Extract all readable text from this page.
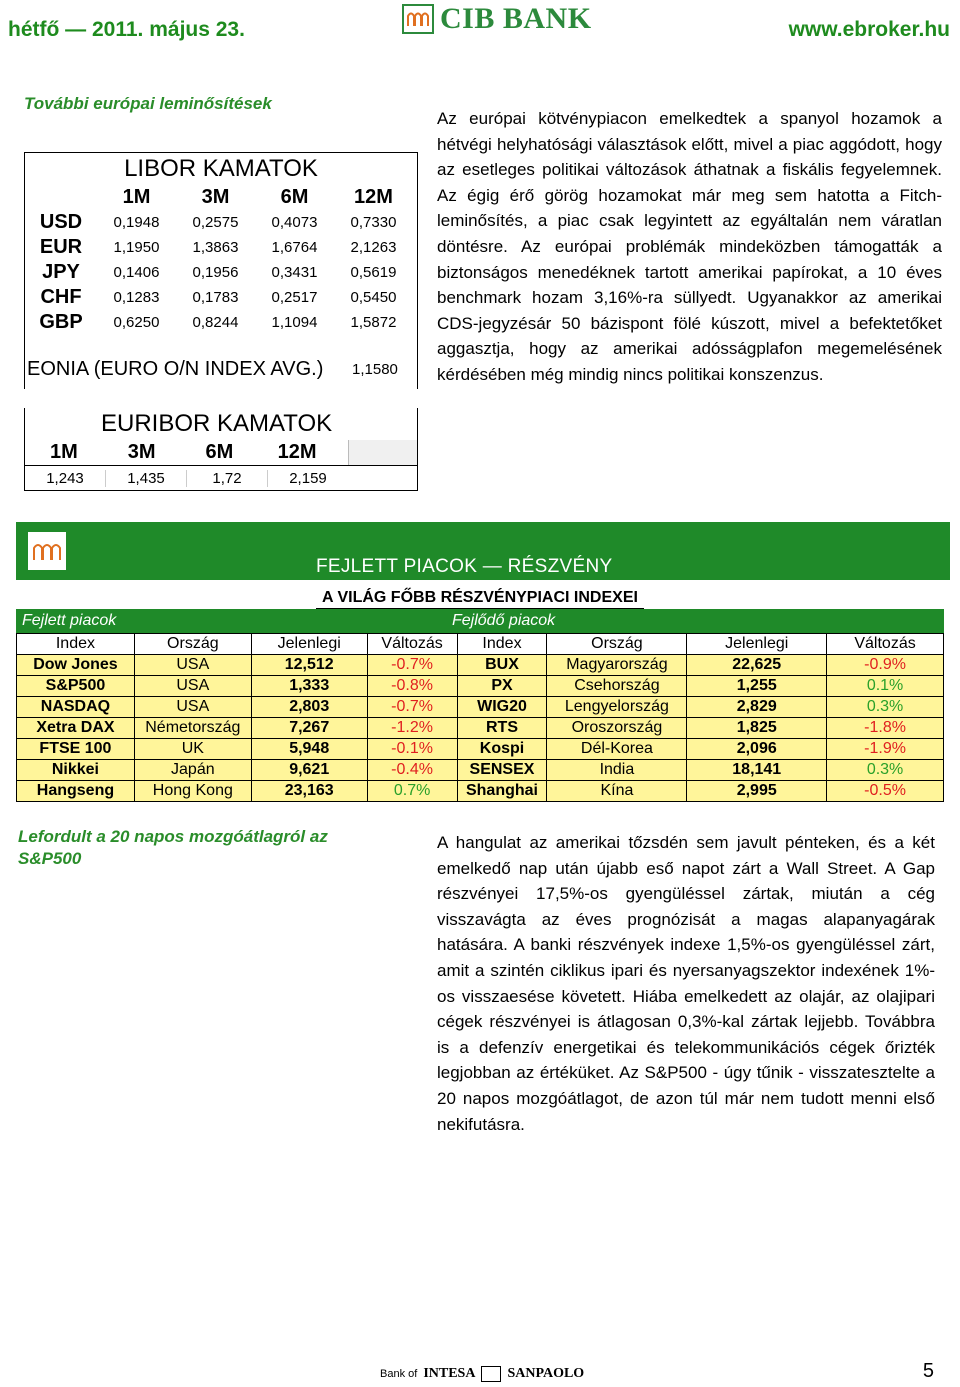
hétfő — 2011. május 23.	CIB BANK	www.ebroker.hu
További európai leminősítések
LIBOR KAMATOK
1M	3M	6M	12M
USD	0,1948	0,2575	0,4073	0,7330
EUR	1,1950	1,3863	1,6764	2,1263
JPY	0,1406	0,1956	0,3431	0,5619
CHF	0,1283	0,1783	0,2517	0,5450
GBP	0,6250	0,8244	1,1094	1,5872
EONIA (EURO O/N INDEX AVG.)	1,1580
EURIBOR KAMATOK
1M	3M	6M	12M
1,243	1,435	1,72	2,159
Az európai kötvénypiacon emelkedtek a spanyol hozamok a hétvégi helyhatósági választások előtt, mivel a piac aggódott, hogy az esetleges politikai változások áthatnak a fiskális fegyelemnek. Az égig érő görög hozamokat már meg sem hatotta a Fitch-leminősítés, a piac csak legyintett az egyáltalán nem váratlan döntésre. Az európai problémák mindeközben támogatták a biztonságos menedéknek tartott amerikai papírokat, a 10 éves benchmark hozam 3,16%-ra süllyedt. Ugyanakkor az amerikai CDS-jegyzésár 50 bázispont fölé kúszott, mivel a befektetőket aggasztja, hogy az amerikai adósságplafon megemelésének kérdésében még mindig nincs politikai konszenzus.
FEJLETT PIACOK — RÉSZVÉNY
A VILÁG FŐBB RÉSZVÉNYPIACI INDEXEI
Fejlett piacok	Fejlődő piacok
Index	Ország	Jelenlegi	Változás	Index	Ország	Jelenlegi	Változás
Dow Jones	USA	12,512	-0.7%	BUX	Magyarország	22,625	-0.9%
S&P500	USA	1,333	-0.8%	PX	Csehország	1,255	0.1%
NASDAQ	USA	2,803	-0.7%	WIG20	Lengyelország	2,829	0.3%
Xetra DAX	Németország	7,267	-1.2%	RTS	Oroszország	1,825	-1.8%
FTSE 100	UK	5,948	-0.1%	Kospi	Dél-Korea	2,096	-1.9%
Nikkei	Japán	9,621	-0.4%	SENSEX	India	18,141	0.3%
Hangseng	Hong Kong	23,163	0.7%	Shanghai	Kína	2,995	-0.5%
Lefordult a 20 napos mozgóátlagról az S&P500
A hangulat az amerikai tőzsdén sem javult pénteken, és a két emelkedő nap után újabb eső napot zárt a Wall Street. A Gap részvényei 17,5%-os gyengüléssel zártak, miután a cég visszavágta az éves prognózisát a magas alapanyagárak hatására. A banki részvények indexe 1,5%-os gyengüléssel zárt, amit a szintén ciklikus ipari és nyersanyagszektor indexének 1%-os visszaesése követett. Hiába emelkedett az olajár, az olajipari cégek részvényei is átlagosan 0,3%-kal zártak lejjebb. Továbbra is a defenzív energetikai és telekommunikációs cégek őrizték legjobban az értéküket. Az S&P500 - úgy tűnik - visszatesztelte a 20 napos mozgóátlagot, de azon túl már nem tudott menni első nekifutásra.
Bank of INTESA SANPAOLO	5
